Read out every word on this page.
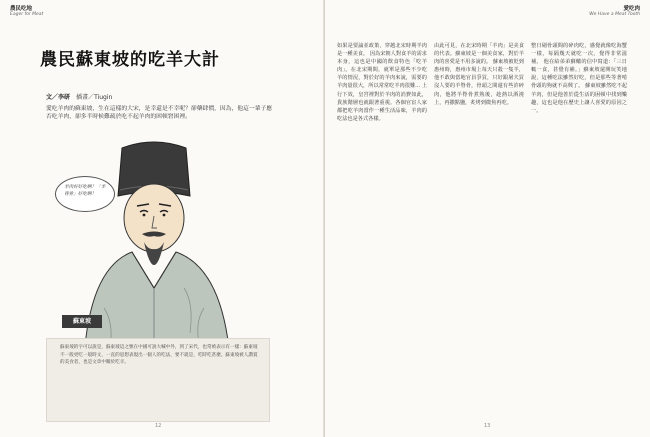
農民吃地
Eager for Meat
農民蘇東坡的吃羊大計
文／李研 插畫／Tiugin
愛吃羊肉的蘇東坡，生在這樣的大宋，是幸還是不幸呢？卻藥肆價，因為，他這一輩子應否吃羊肉，卻多半時候難疏於吃不起羊肉的困頓窘困裡。
羊肉好好吃啊！「羊脊骨」好吃啊！
蘇東坡
蘇東坡的字可以說是，蘇東坡這之號在中國可說大喊中外，到了宋代，也常被表示有一樣：蘇東坡不一般更吃一般時文，一直的思想表現出一個人的吃法，要不就是，吃時吃甚麼。蘇東坡被人讚賞的美食者，也是文章中關於吃羊。
12
愛吃肉
We Have a Meat Tooth
13
如果是要論並政策，穿越北宋時期羊肉是一種美食。 因為宋朝人對食羊的需求本身，這也是中國的飲食特色「吃羊肉」。在北宋期間，就單是那些不少吃羊的情況，對於好的羊肉來說，需要的羊肉量很大，所以常常吃羊肉很難... 上行下效，皇宮裡對於羊肉的消費如此，貴族階層也就跟著重視。各個官宦人家都把吃羊肉當作一種生活品味，羊肉的吃法也是各式各樣。
由此可見，在北宋時期「羊肉」是美食的代表。蘇東坡是一個美食家，對於羊肉的喜愛是不用多說的。 蘇東坡被貶到惠州時，惠州市場上每天只殺一隻羊，他不敢與當地官員爭買，只好跟屠夫買沒人要的羊脊骨，骨頭之間還有些許碎肉，他將羊脊骨煮熟後，趁熱以酒澆上，再撒點鹽，炙烤到微焦再吃。
整日剔骨頭間的碎肉吃，感覺就像吃海蟹一樣，每隔幾天就吃一次，覺得非常滋補。 他在給弟弟蘇轍的信中寫道：「三日輒一食，甚覺有補。」蘇東坡還開玩笑地說，這種吃法雖然好吃，但是那些等著啃骨頭的狗就不高興了。 蘇東坡雖然吃不起羊肉，但是他善於從生活的困頓中找到樂趣，這也是他在歷史上讓人喜愛的原因之一。
